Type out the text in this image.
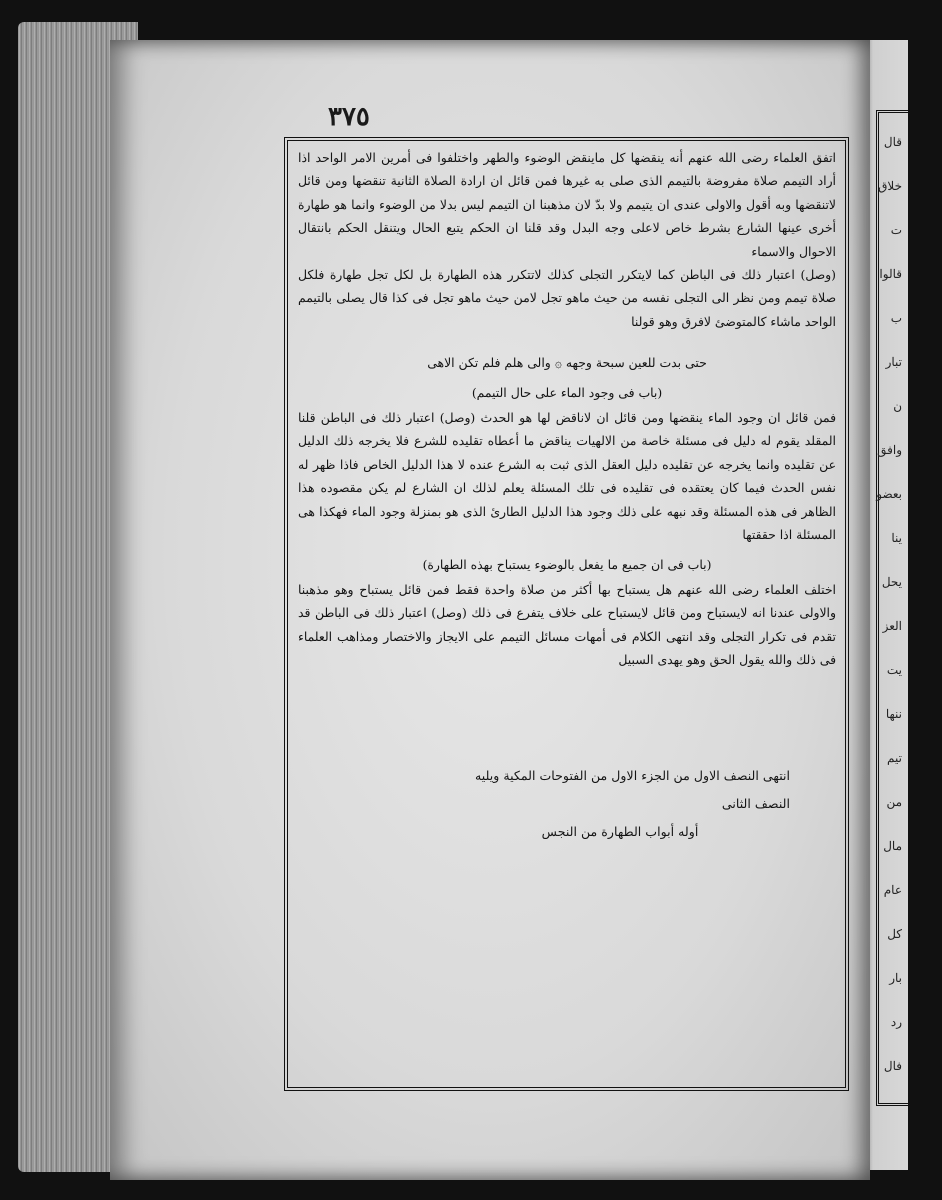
قال
خلاق
ت
قالوا
ب
تبار
ن
وافق
بعضو
ينا
يحل
العز
يت
ننها
تيم
من
مال
عام
كل
بار
رد
فال
٣٧٥

اتفق العلماء رضى الله عنهم أنه ينقضها كل ماينقض الوضوء والطهر واختلفوا فى أمرين الامر الواحد اذا أراد التيمم صلاة مفروضة بالتيمم الذى صلى به غيرها فمن قائل ان ارادة الصلاة الثانية تنقضها ومن قائل لاتنقضها وبه أقول والاولى عندى ان يتيمم ولا بدّ لان مذهبنا ان التيمم ليس بدلا من الوضوء وانما هو طهارة أخرى عينها الشارع بشرط خاص لاعلى وجه البدل وقد قلنا ان الحكم يتبع الحال ويتنقل الحكم بانتقال الاحوال والاسماء

(وصل) اعتبار ذلك فى الباطن كما لايتكرر التجلى كذلك لاتتكرر هذه الطهارة بل لكل تجل طهارة فلكل صلاة تيمم ومن نظر الى التجلى نفسه من حيث ماهو تجل لامن حيث ماهو تجل فى كذا قال يصلى بالتيمم الواحد ماشاء كالمتوضئ لافرق وهو قولنا

حتى بدت للعين سبحة وجهه ۞ والى هلم فلم تكن الاهى

(باب فى وجود الماء على حال التيمم)

فمن قائل ان وجود الماء ينقضها ومن قائل ان لاناقض لها هو الحدث (وصل) اعتبار ذلك فى الباطن قلنا المقلد يقوم له دليل فى مسئلة خاصة من الالهيات يناقض ما أعطاه تقليده للشرع فلا يخرجه ذلك الدليل عن تقليده وانما يخرجه عن تقليده دليل العقل الذى ثبت به الشرع عنده لا هذا الدليل الخاص فاذا ظهر له نفس الحدث فيما كان يعتقده فى تقليده فى تلك المسئلة يعلم لذلك ان الشارع لم يكن مقصوده هذا الظاهر فى هذه المسئلة وقد نبهه على ذلك وجود هذا الدليل الطارئ الذى هو بمنزلة وجود الماء فهكذا هى المسئلة اذا حققتها

(باب فى ان جميع ما يفعل بالوضوء يستباح بهذه الطهارة)

اختلف العلماء رضى الله عنهم هل يستباح بها أكثر من صلاة واحدة فقط فمن قائل يستباح وهو مذهبنا والاولى عندنا انه لايستباح ومن قائل لايستباح على خلاف يتفرع فى ذلك (وصل) اعتبار ذلك فى الباطن قد تقدم فى تكرار التجلى وقد انتهى الكلام فى أمهات مسائل التيمم على الايجاز والاختصار ومذاهب العلماء فى ذلك والله يقول الحق وهو يهدى السبيل

انتهى النصف الاول من الجزء الاول من الفتوحات المكية ويليه النصف الثانى
أوله أبواب الطهارة من النجس
